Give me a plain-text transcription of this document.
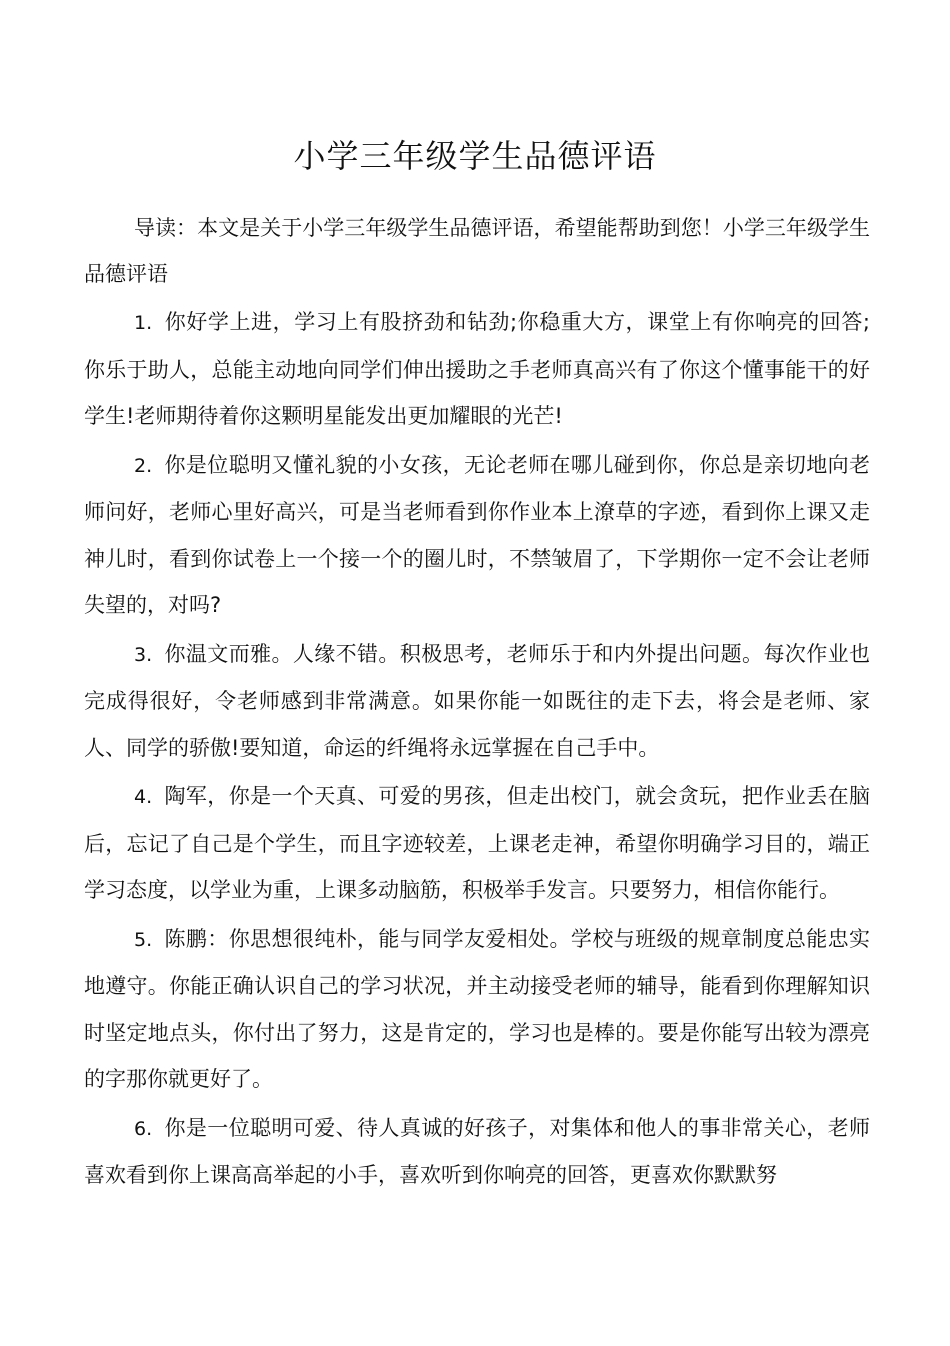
小学三年级学生品德评语

导读：本文是关于小学三年级学生品德评语，希望能帮助到您！小学三年级学生品德评语

1. 你好学上进，学习上有股挤劲和钻劲;你稳重大方，课堂上有你响亮的回答;你乐于助人，总能主动地向同学们伸出援助之手老师真高兴有了你这个懂事能干的好学生!老师期待着你这颗明星能发出更加耀眼的光芒!

2. 你是位聪明又懂礼貌的小女孩，无论老师在哪儿碰到你，你总是亲切地向老师问好，老师心里好高兴，可是当老师看到你作业本上潦草的字迹，看到你上课又走神儿时，看到你试卷上一个接一个的圈儿时，不禁皱眉了，下学期你一定不会让老师失望的，对吗?

3. 你温文而雅。人缘不错。积极思考，老师乐于和内外提出问题。每次作业也完成得很好，令老师感到非常满意。如果你能一如既往的走下去，将会是老师、家人、同学的骄傲!要知道，命运的纤绳将永远掌握在自己手中。

4. 陶军，你是一个天真、可爱的男孩，但走出校门，就会贪玩，把作业丢在脑后，忘记了自己是个学生，而且字迹较差，上课老走神，希望你明确学习目的，端正学习态度，以学业为重，上课多动脑筋，积极举手发言。只要努力，相信你能行。

5. 陈鹏：你思想很纯朴，能与同学友爱相处。学校与班级的规章制度总能忠实地遵守。你能正确认识自己的学习状况，并主动接受老师的辅导，能看到你理解知识时坚定地点头，你付出了努力，这是肯定的，学习也是棒的。要是你能写出较为漂亮的字那你就更好了。

6. 你是一位聪明可爱、待人真诚的好孩子，对集体和他人的事非常关心，老师喜欢看到你上课高高举起的小手，喜欢听到你响亮的回答，更喜欢你默默努
